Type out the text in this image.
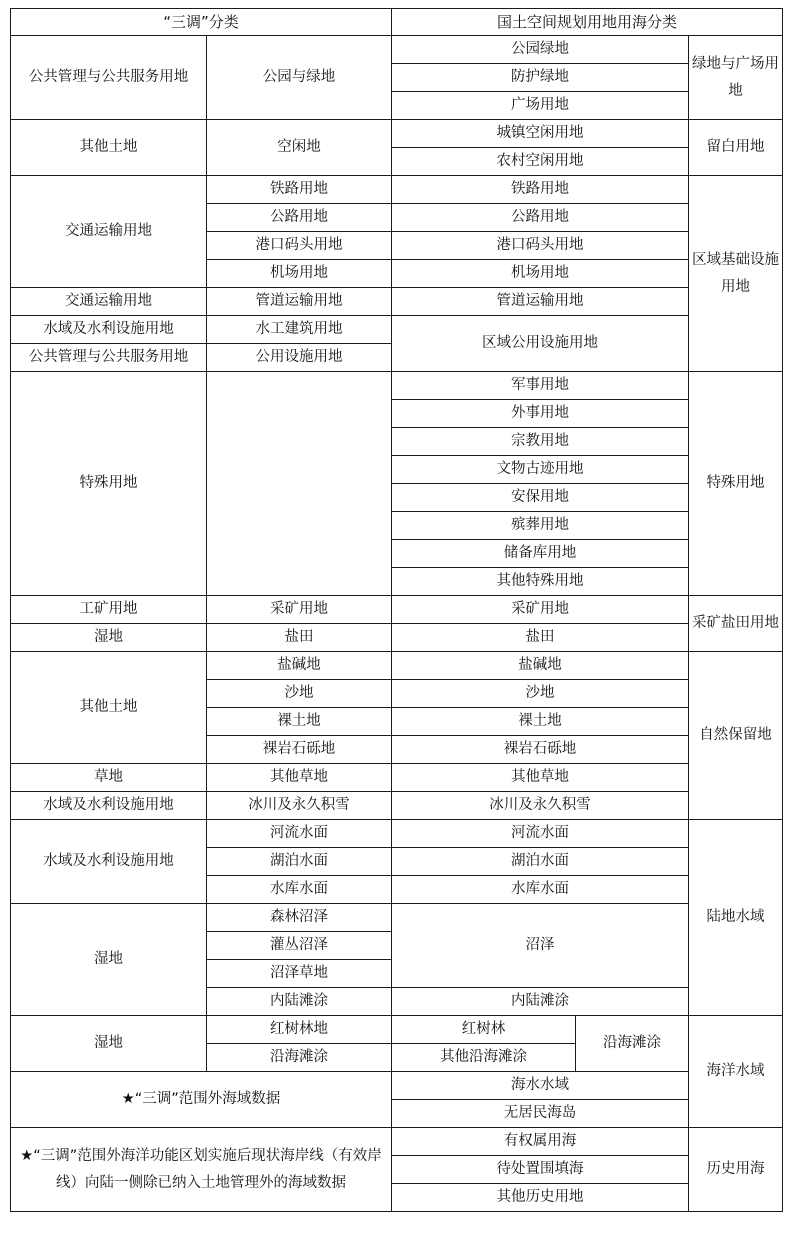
“三调”分类		国土空间规划用地用海分类		
公共管理与公共服务用地	公园与绿地	公园绿地		绿地与广场用地
		防护绿地		
		广场用地		
其他土地	空闲地	城镇空闲用地		留白用地
		农村空闲用地		
交通运输用地	铁路用地	铁路用地		区域基础设施用地
	公路用地	公路用地		
	港口码头用地	港口码头用地		
	机场用地	机场用地		
交通运输用地	管道运输用地	管道运输用地		
水域及水利设施用地	水工建筑用地	区域公用设施用地		
公共管理与公共服务用地	公用设施用地			
特殊用地		军事用地		特殊用地
		外事用地		
		宗教用地		
		文物古迹用地		
		安保用地		
		殡葬用地		
		储备库用地		
		其他特殊用地		
工矿用地	采矿用地	采矿用地		采矿盐田用地
湿地	盐田	盐田		
其他土地	盐碱地	盐碱地		自然保留地
	沙地	沙地		
	裸土地	裸土地		
	裸岩石砾地	裸岩石砾地		
草地	其他草地	其他草地		
水域及水利设施用地	冰川及永久积雪	冰川及永久积雪		
水域及水利设施用地	河流水面	河流水面		陆地水域
	湖泊水面	湖泊水面		
	水库水面	水库水面		
湿地	森林沼泽	沼泽		
	灌丛沼泽			
	沼泽草地			
	内陆滩涂	内陆滩涂		
湿地	红树林地	红树林	沿海滩涂	海洋水域
	沿海滩涂	其他沿海滩涂		
★“三调”范围外海域数据		海水水域		
		无居民海岛		
★“三调”范围外海洋功能区划实施后现状海岸线（有效岸线）向陆一侧除已纳入土地管理外的海域数据		有权属用海		历史用海
		待处置围填海		
		其他历史用地		
